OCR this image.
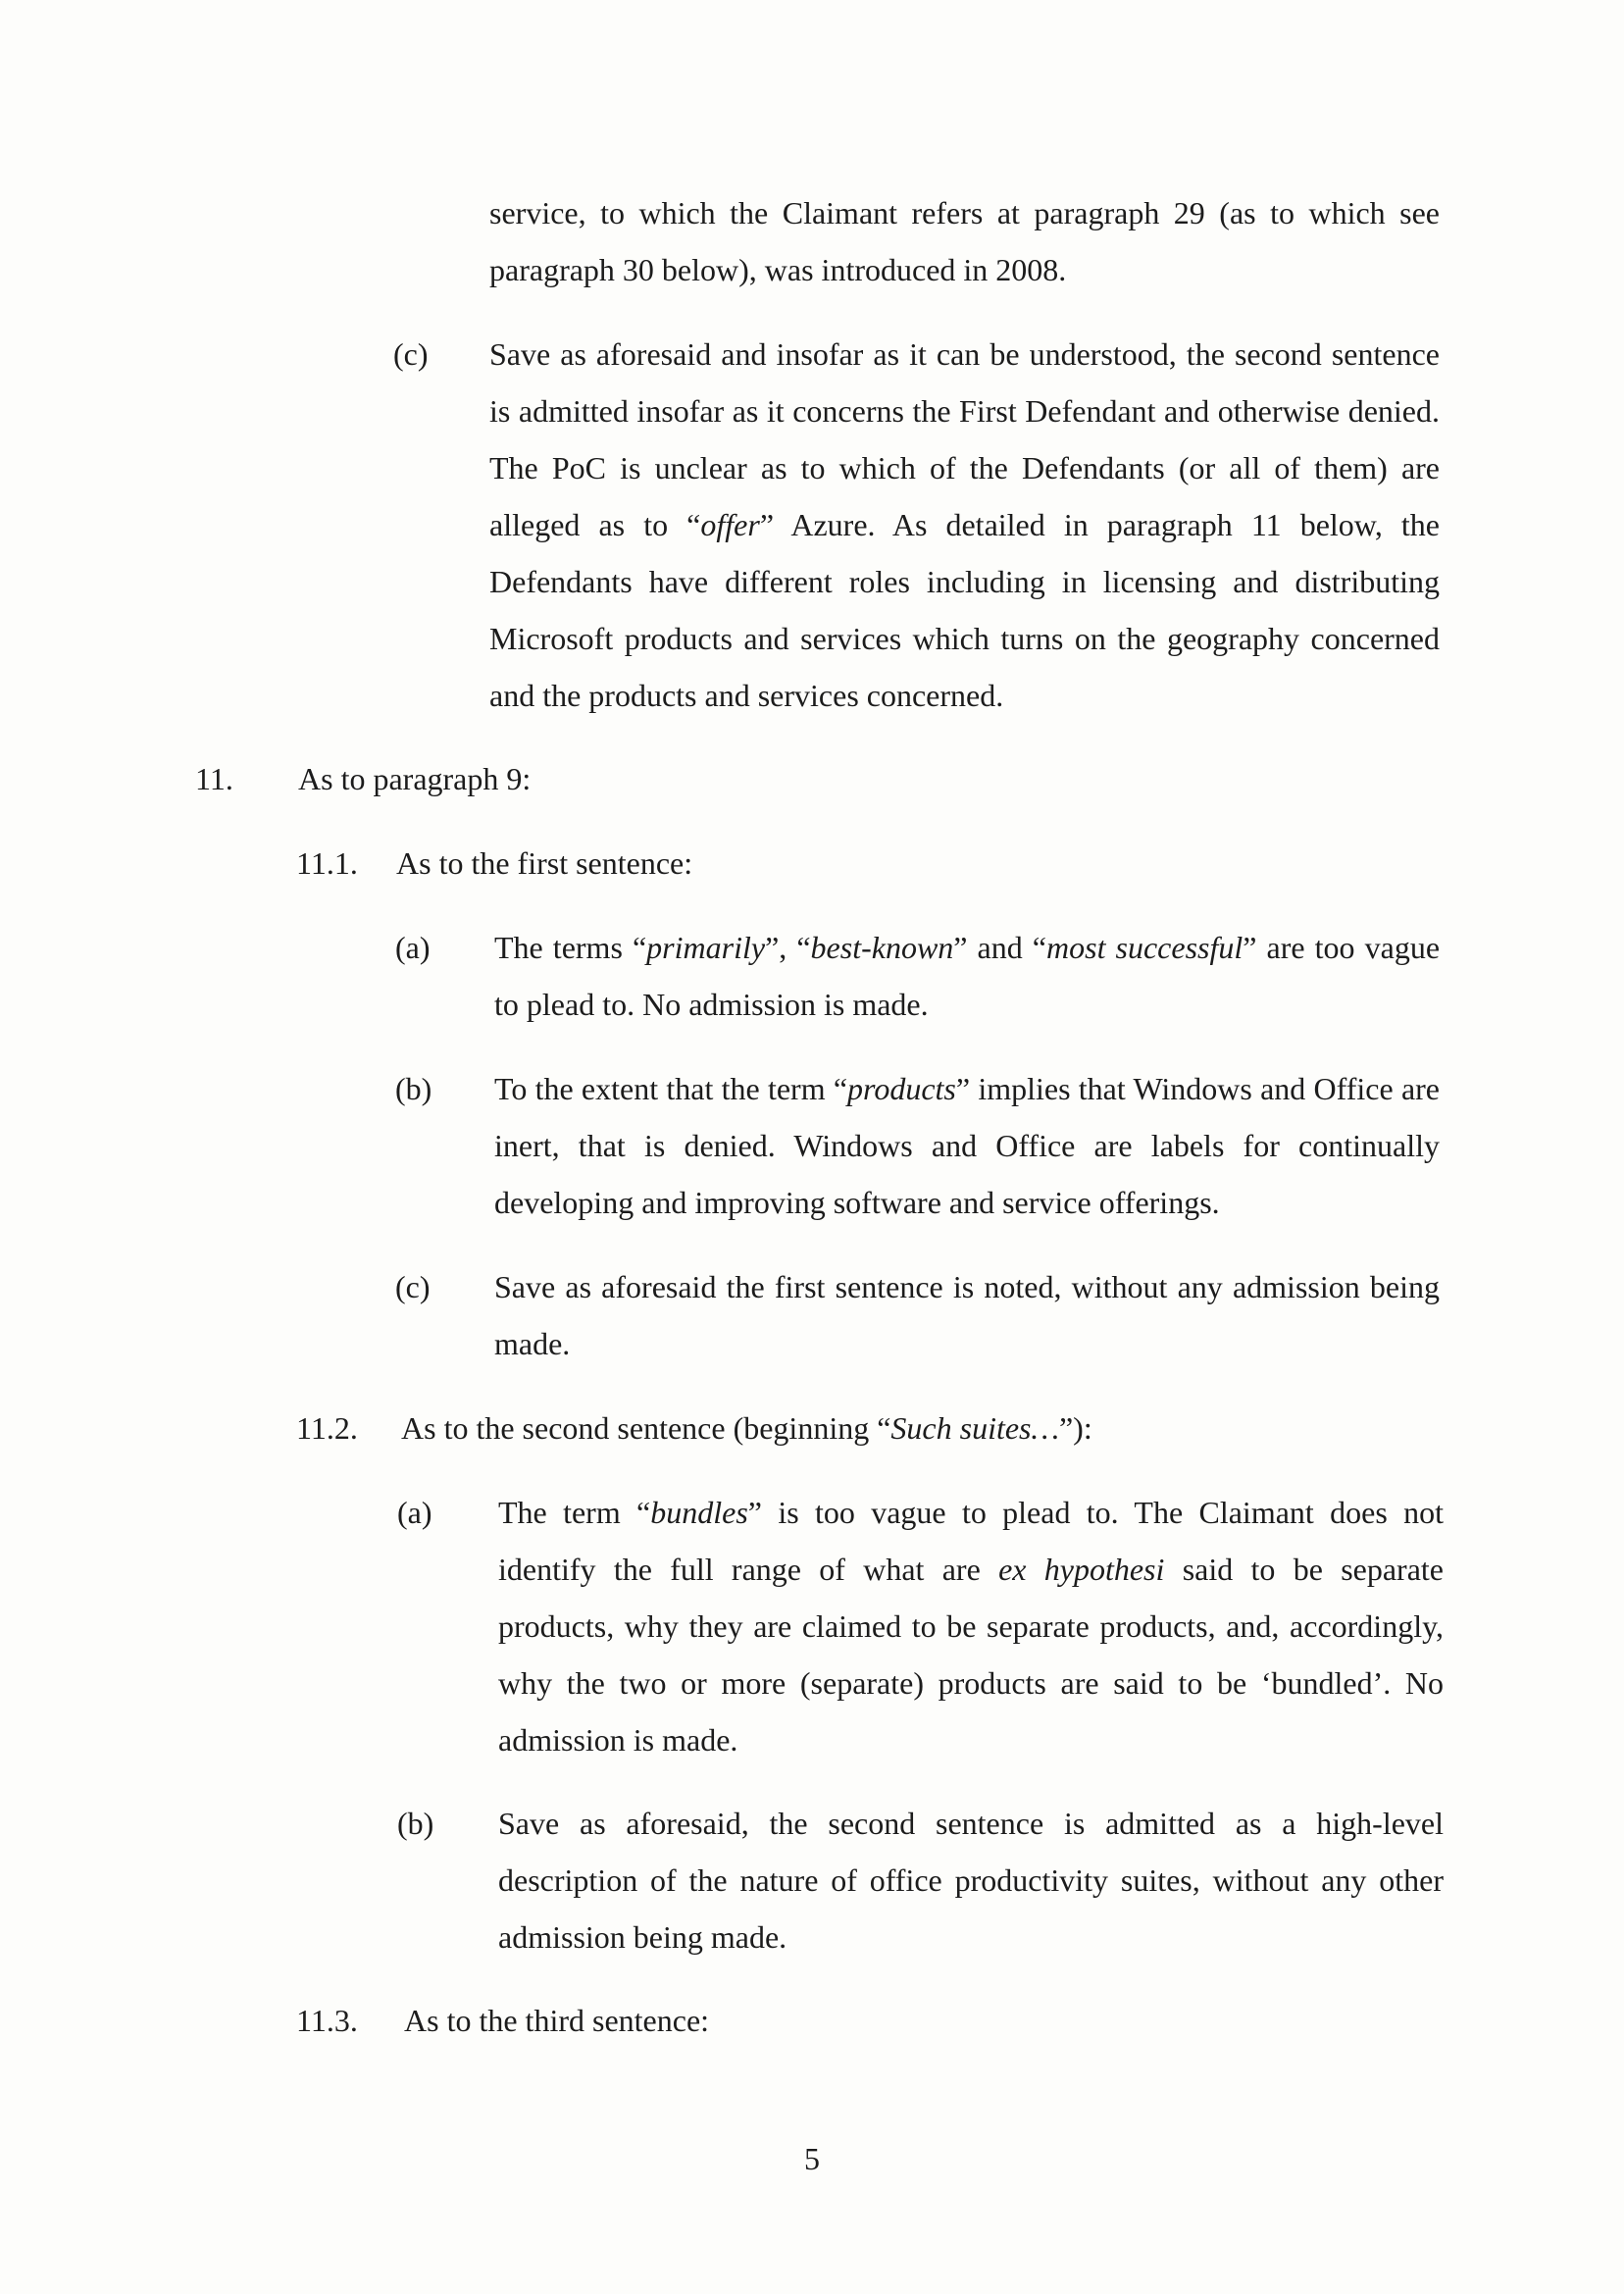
service, to which the Claimant refers at paragraph 29 (as to which see paragraph 30 below), was introduced in 2008.
(c) Save as aforesaid and insofar as it can be understood, the second sentence is admitted insofar as it concerns the First Defendant and otherwise denied. The PoC is unclear as to which of the Defendants (or all of them) are alleged as to “offer” Azure. As detailed in paragraph 11 below, the Defendants have different roles including in licensing and distributing Microsoft products and services which turns on the geography concerned and the products and services concerned.
11. As to paragraph 9:
11.1. As to the first sentence:
(a) The terms “primarily”, “best-known” and “most successful” are too vague to plead to. No admission is made.
(b) To the extent that the term “products” implies that Windows and Office are inert, that is denied. Windows and Office are labels for continually developing and improving software and service offerings.
(c) Save as aforesaid the first sentence is noted, without any admission being made.
11.2. As to the second sentence (beginning “Such suites…”):
(a) The term “bundles” is too vague to plead to. The Claimant does not identify the full range of what are ex hypothesi said to be separate products, why they are claimed to be separate products, and, accordingly, why the two or more (separate) products are said to be ‘bundled’. No admission is made.
(b) Save as aforesaid, the second sentence is admitted as a high-level description of the nature of office productivity suites, without any other admission being made.
11.3. As to the third sentence:
5
